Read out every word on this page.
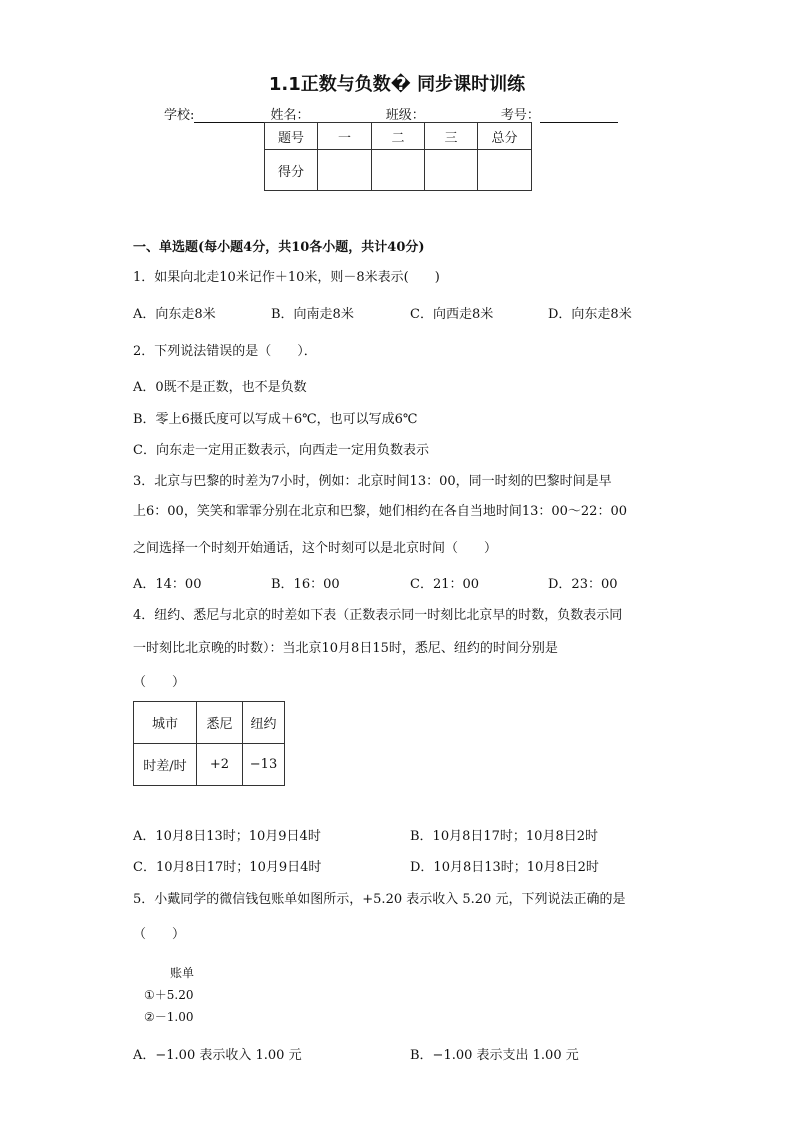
1.1正数与负数� 同步课时训练
学校:	姓名：	班级：	考号：
题号	一	二	三	总分
得分				
一、单选题(每小题4分，共10各小题，共计40分)
1．如果向北走10米记作＋10米，则－8米表示(　　)
A．向东走8米	B．向南走8米	C．向西走8米	D．向东走8米
2．下列说法错误的是（　　）．
A．0既不是正数，也不是负数
B．零上6摄氏度可以写成＋6℃，也可以写成6℃
C．向东走一定用正数表示，向西走一定用负数表示
3．北京与巴黎的时差为7小时，例如：北京时间13：00，同一时刻的巴黎时间是早
上6：00，笑笑和霏霏分别在北京和巴黎，她们相约在各自当地时间13：00～22：00
之间选择一个时刻开始通话，这个时刻可以是北京时间（　　）
A．14：00	B．16：00	C．21：00	D．23：00
4．纽约、悉尼与北京的时差如下表（正数表示同一时刻比北京早的时数，负数表示同
一时刻比北京晚的时数）：当北京10月8日15时，悉尼、纽约的时间分别是
（　　）
城市	悉尼	纽约
时差/时	+2	−13
A．10月8日13时；10月9日4时	B．10月8日17时；10月8日2时
C．10月8日17时；10月9日4时	D．10月8日13时；10月8日2时
5．小戴同学的微信钱包账单如图所示，+5.20 表示收入 5.20 元，下列说法正确的是
（　　）
账单
①＋5.20
②－1.00
A．−1.00 表示收入 1.00 元	B．−1.00 表示支出 1.00 元
